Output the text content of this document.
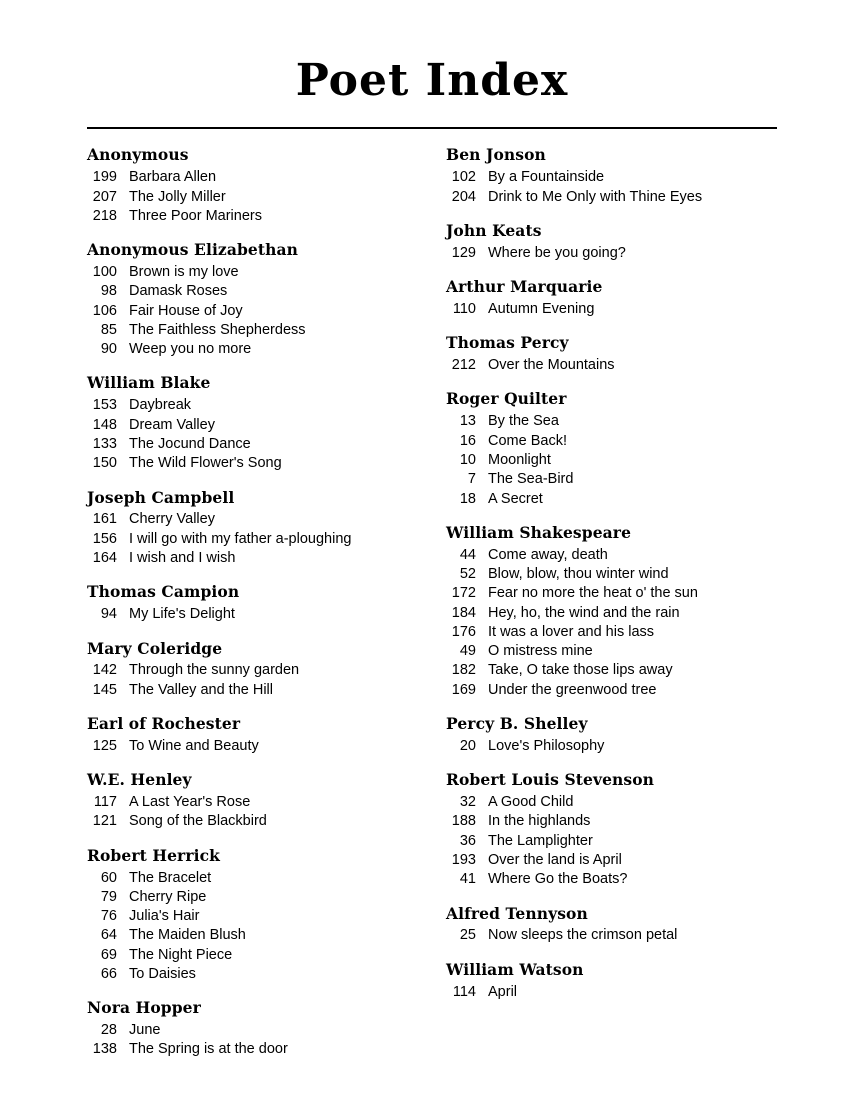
Poet Index
Anonymous
199 Barbara Allen
207 The Jolly Miller
218 Three Poor Mariners
Anonymous Elizabethan
100 Brown is my love
98 Damask Roses
106 Fair House of Joy
85 The Faithless Shepherdess
90 Weep you no more
William Blake
153 Daybreak
148 Dream Valley
133 The Jocund Dance
150 The Wild Flower's Song
Joseph Campbell
161 Cherry Valley
156 I will go with my father a-ploughing
164 I wish and I wish
Thomas Campion
94 My Life's Delight
Mary Coleridge
142 Through the sunny garden
145 The Valley and the Hill
Earl of Rochester
125 To Wine and Beauty
W.E. Henley
117 A Last Year's Rose
121 Song of the Blackbird
Robert Herrick
60 The Bracelet
79 Cherry Ripe
76 Julia's Hair
64 The Maiden Blush
69 The Night Piece
66 To Daisies
Nora Hopper
28 June
138 The Spring is at the door
Ben Jonson
102 By a Fountainside
204 Drink to Me Only with Thine Eyes
John Keats
129 Where be you going?
Arthur Marquarie
110 Autumn Evening
Thomas Percy
212 Over the Mountains
Roger Quilter
13 By the Sea
16 Come Back!
10 Moonlight
7 The Sea-Bird
18 A Secret
William Shakespeare
44 Come away, death
52 Blow, blow, thou winter wind
172 Fear no more the heat o' the sun
184 Hey, ho, the wind and the rain
176 It was a lover and his lass
49 O mistress mine
182 Take, O take those lips away
169 Under the greenwood tree
Percy B. Shelley
20 Love's Philosophy
Robert Louis Stevenson
32 A Good Child
188 In the highlands
36 The Lamplighter
193 Over the land is April
41 Where Go the Boats?
Alfred Tennyson
25 Now sleeps the crimson petal
William Watson
114 April
